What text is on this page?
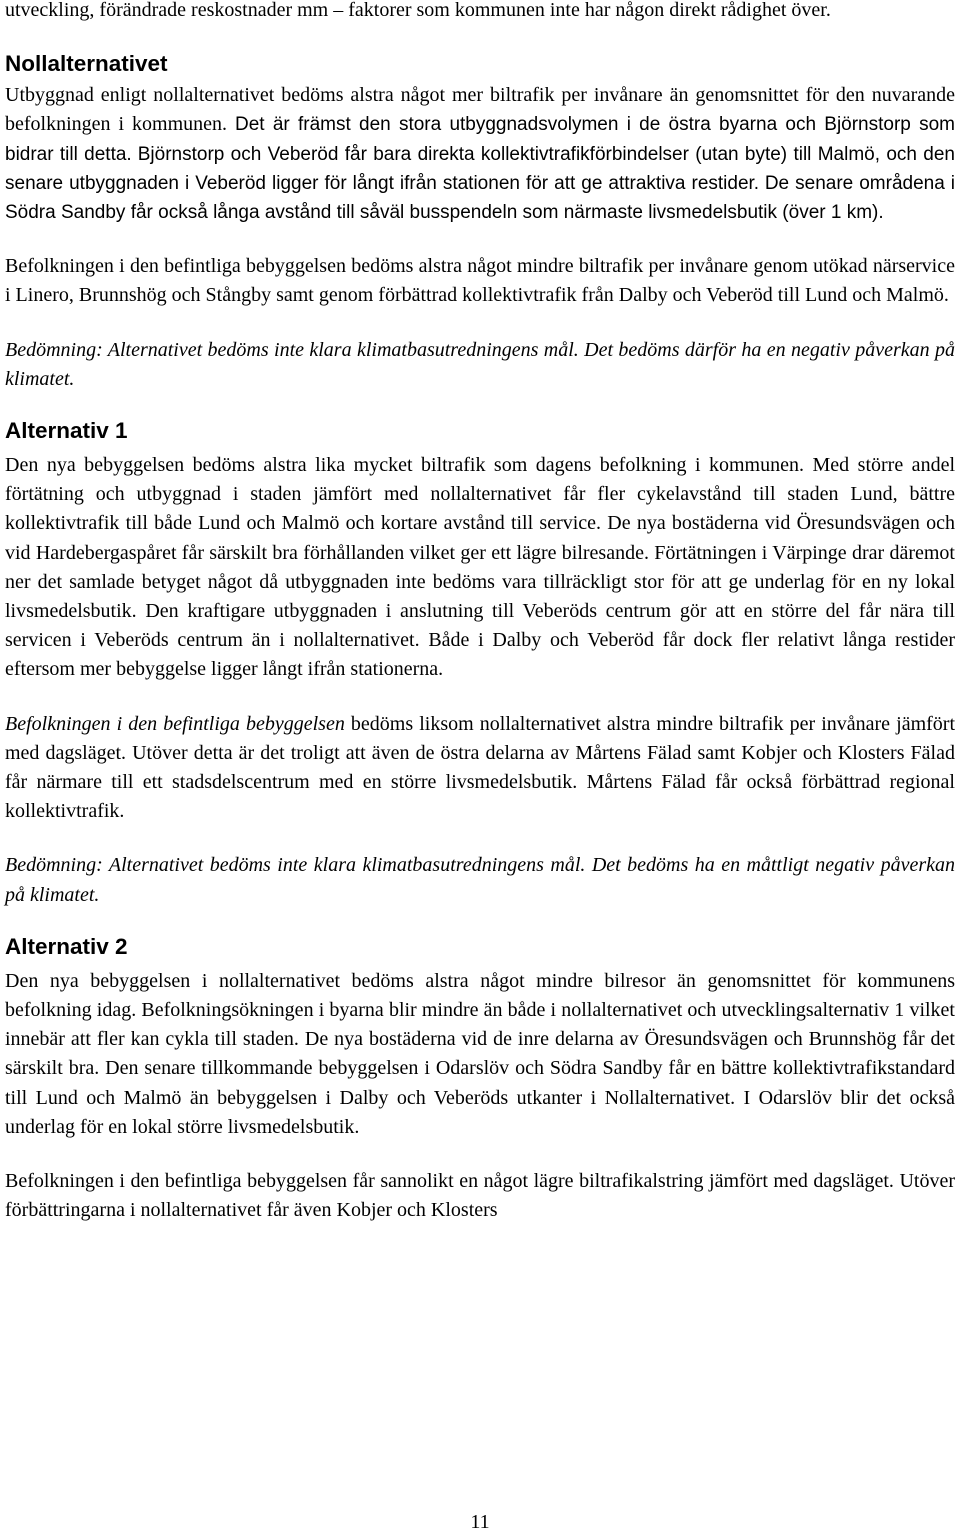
utveckling, förändrade reskostnader mm – faktorer som kommunen inte har någon direkt rådighet över.

Nollalternativet

Utbyggnad enligt nollalternativet bedöms alstra något mer biltrafik per invånare än genomsnittet för den nuvarande befolkningen i kommunen. Det är främst den stora utbyggnadsvolymen i de östra byarna och Björnstorp som bidrar till detta. Björnstorp och Veberöd får bara direkta kollektivtrafikförbindelser (utan byte) till Malmö, och den senare utbyggnaden i Veberöd ligger för långt ifrån stationen för att ge attraktiva restider. De senare områdena i Södra Sandby får också långa avstånd till såväl busspendeln som närmaste livsmedelsbutik (över 1 km).

Befolkningen i den befintliga bebyggelsen bedöms alstra något mindre biltrafik per invånare genom utökad närservice i Linero, Brunnshög och Stångby samt genom förbättrad kollektivtrafik från Dalby och Veberöd till Lund och Malmö.

Bedömning: Alternativet bedöms inte klara klimatbasutredningens mål. Det bedöms därför ha en negativ påverkan på klimatet.

Alternativ 1

Den nya bebyggelsen bedöms alstra lika mycket biltrafik som dagens befolkning i kommunen. Med större andel förtätning och utbyggnad i staden jämfört med nollalternativet får fler cykelavstånd till staden Lund, bättre kollektivtrafik till både Lund och Malmö och kortare avstånd till service. De nya bostäderna vid Öresundsvägen och vid Hardebergaspåret får särskilt bra förhållanden vilket ger ett lägre bilresande. Förtätningen i Värpinge drar däremot ner det samlade betyget något då utbyggnaden inte bedöms vara tillräckligt stor för att ge underlag för en ny lokal livsmedelsbutik. Den kraftigare utbyggnaden i anslutning till Veberöds centrum gör att en större del får nära till servicen i Veberöds centrum än i nollalternativet. Både i Dalby och Veberöd får dock fler relativt långa restider eftersom mer bebyggelse ligger långt ifrån stationerna.

Befolkningen i den befintliga bebyggelsen bedöms liksom nollalternativet alstra mindre biltrafik per invånare jämfört med dagsläget. Utöver detta är det troligt att även de östra delarna av Mårtens Fälad samt Kobjer och Klosters Fälad får närmare till ett stadsdelscentrum med en större livsmedelsbutik. Mårtens Fälad får också förbättrad regional kollektivtrafik.

Bedömning: Alternativet bedöms inte klara klimatbasutredningens mål. Det bedöms ha en måttligt negativ påverkan på klimatet.

Alternativ 2

Den nya bebyggelsen i nollalternativet bedöms alstra något mindre bilresor än genomsnittet för kommunens befolkning idag. Befolkningsökningen i byarna blir mindre än både i nollalternativet och utvecklingsalternativ 1 vilket innebär att fler kan cykla till staden. De nya bostäderna vid de inre delarna av Öresundsvägen och Brunnshög får det särskilt bra. Den senare tillkommande bebyggelsen i Odarslöv och Södra Sandby får en bättre kollektivtrafikstandard till Lund och Malmö än bebyggelsen i Dalby och Veberöds utkanter i Nollalternativet. I Odarslöv blir det också underlag för en lokal större livsmedelsbutik.

Befolkningen i den befintliga bebyggelsen får sannolikt en något lägre biltrafikalstring jämfört med dagsläget. Utöver förbättringarna i nollalternativet får även Kobjer och Klosters

11
